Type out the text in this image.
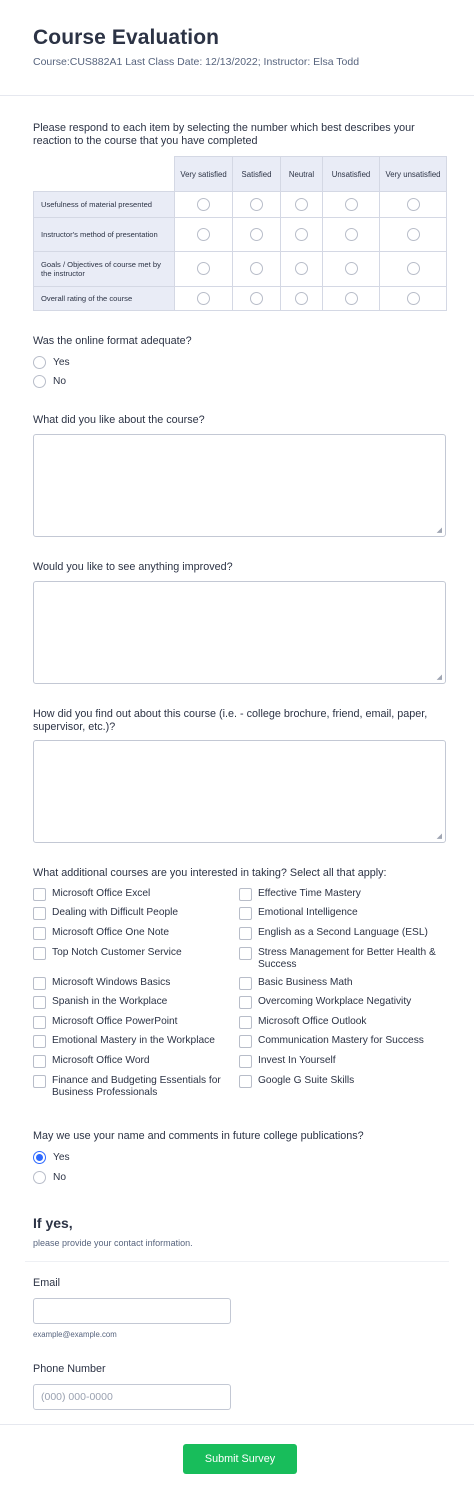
Course Evaluation
Course:CUS882A1 Last Class Date: 12/13/2022; Instructor: Elsa Todd
Please respond to each item by selecting the number which best describes your reaction to the course that you have completed
	Very satisfied	Satisfied	Neutral	Unsatisfied	Very unsatisfied
Usefulness of material presented					
Instructor's method of presentation					
Goals / Objectives of course met by the instructor					
Overall rating of the course					
Was the online format adequate?
Yes
No
What did you like about the course?
◢
Would you like to see anything improved?
◢
How did you find out about this course (i.e. - college brochure, friend, email, paper, supervisor, etc.)?
◢
What additional courses are you interested in taking? Select all that apply:
Microsoft Office Excel
Dealing with Difficult People
Microsoft Office One Note
Top Notch Customer Service
Microsoft Windows Basics
Spanish in the Workplace
Microsoft Office PowerPoint
Emotional Mastery in the Workplace
Microsoft Office Word
Finance and Budgeting Essentials for Business Professionals
Effective Time Mastery
Emotional Intelligence
English as a Second Language (ESL)
Stress Management for Better Health & Success
Basic Business Math
Overcoming Workplace Negativity
Microsoft Office Outlook
Communication Mastery for Success
Invest In Yourself
Google G Suite Skills
May we use your name and comments in future college publications?
Yes
No
If yes,
please provide your contact information.
Email
example@example.com
Phone Number
(000) 000-0000
Submit Survey
